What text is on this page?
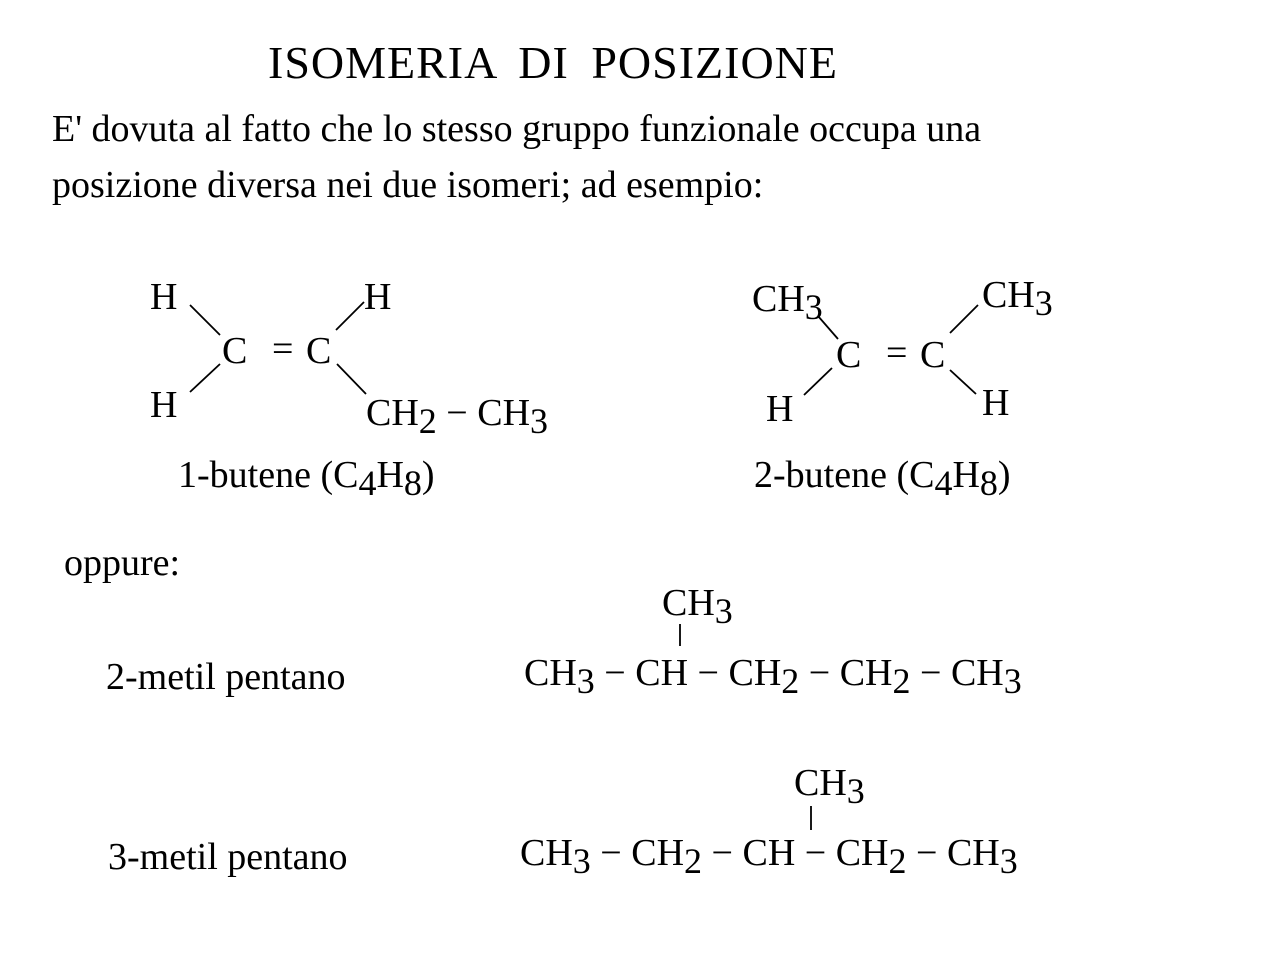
ISOMERIA DI POSIZIONE
E' dovuta al fatto che lo stesso gruppo funzionale occupa una
posizione diversa nei due isomeri; ad esempio:
H	H
H
C = C
CH2 − CH3
1-butene (C4H8)
CH3	CH3
C = C
H	H
2-butene (C4H8)
oppure:
2-metil pentano
CH3
CH3 − CH − CH2 − CH2 − CH3
3-metil pentano
CH3
CH3 − CH2 − CH − CH2 − CH3
